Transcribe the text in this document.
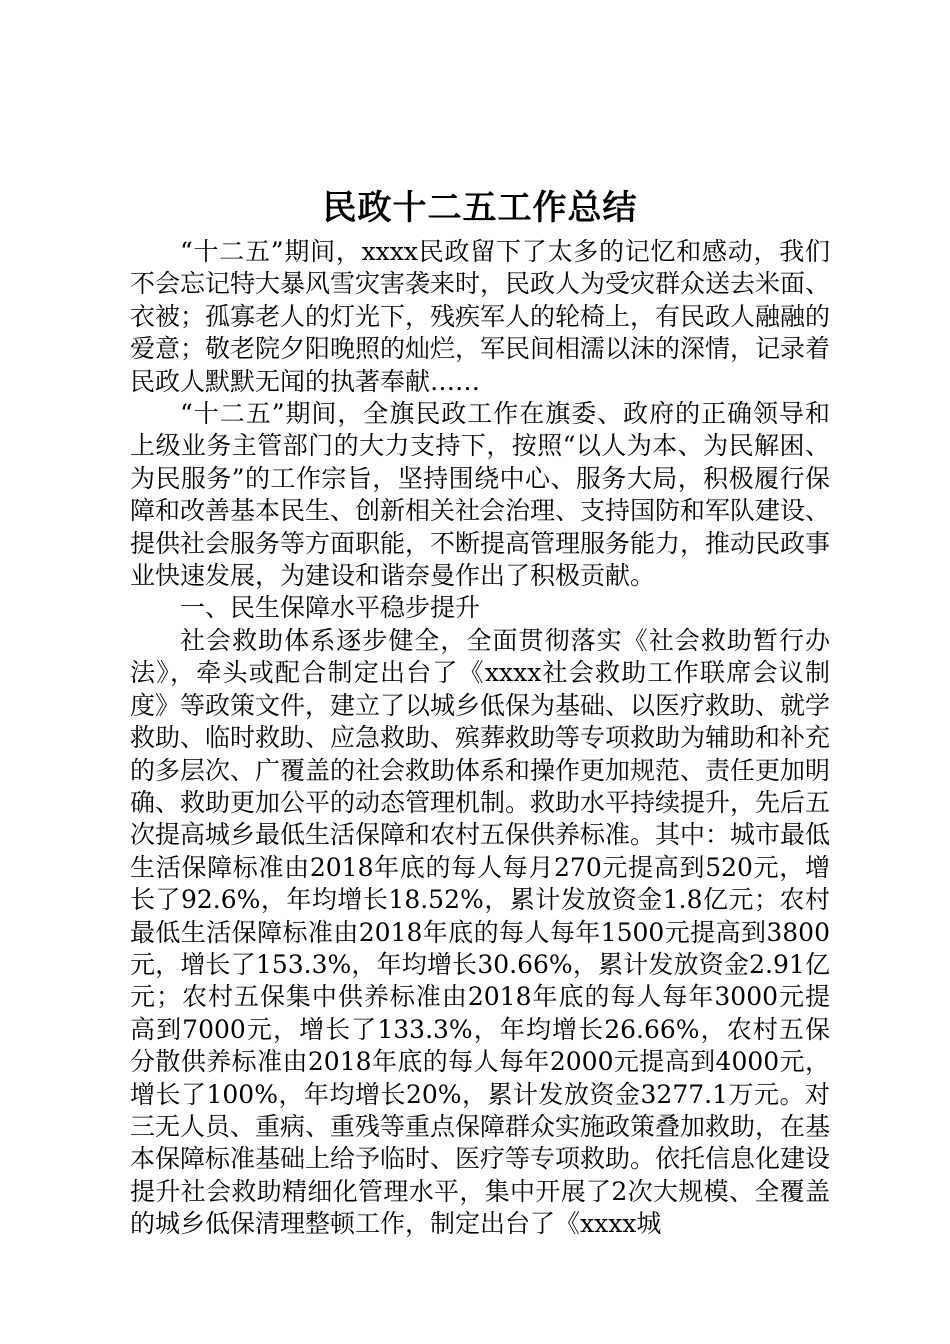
民政十二五工作总结

“十二五”期间，xxxx民政留下了太多的记忆和感动，我们不会忘记特大暴风雪灾害袭来时，民政人为受灾群众送去米面、衣被；孤寡老人的灯光下，残疾军人的轮椅上，有民政人融融的爱意；敬老院夕阳晚照的灿烂，军民间相濡以沫的深情，记录着民政人默默无闻的执著奉献……

“十二五”期间，全旗民政工作在旗委、政府的正确领导和上级业务主管部门的大力支持下，按照“以人为本、为民解困、为民服务”的工作宗旨，坚持围绕中心、服务大局，积极履行保障和改善基本民生、创新相关社会治理、支持国防和军队建设、提供社会服务等方面职能，不断提高管理服务能力，推动民政事业快速发展，为建设和谐奈曼作出了积极贡献。

一、民生保障水平稳步提升

社会救助体系逐步健全，全面贯彻落实《社会救助暂行办法》，牵头或配合制定出台了《xxxx社会救助工作联席会议制度》等政策文件，建立了以城乡低保为基础、以医疗救助、就学救助、临时救助、应急救助、殡葬救助等专项救助为辅助和补充的多层次、广覆盖的社会救助体系和操作更加规范、责任更加明确、救助更加公平的动态管理机制。救助水平持续提升，先后五次提高城乡最低生活保障和农村五保供养标准。其中：城市最低生活保障标准由2018年底的每人每月270元提高到520元，增长了92.6%，年均增长18.52%，累计发放资金1.8亿元；农村最低生活保障标准由2018年底的每人每年1500元提高到3800元，增长了153.3%，年均增长30.66%，累计发放资金2.91亿元；农村五保集中供养标准由2018年底的每人每年3000元提高到7000元，增长了133.3%，年均增长26.66%，农村五保分散供养标准由2018年底的每人每年2000元提高到4000元，增长了100%，年均增长20%，累计发放资金3277.1万元。对三无人员、重病、重残等重点保障群众实施政策叠加救助，在基本保障标准基础上给予临时、医疗等专项救助。依托信息化建设提升社会救助精细化管理水平，集中开展了2次大规模、全覆盖的城乡低保清理整顿工作，制定出台了《xxxx城
